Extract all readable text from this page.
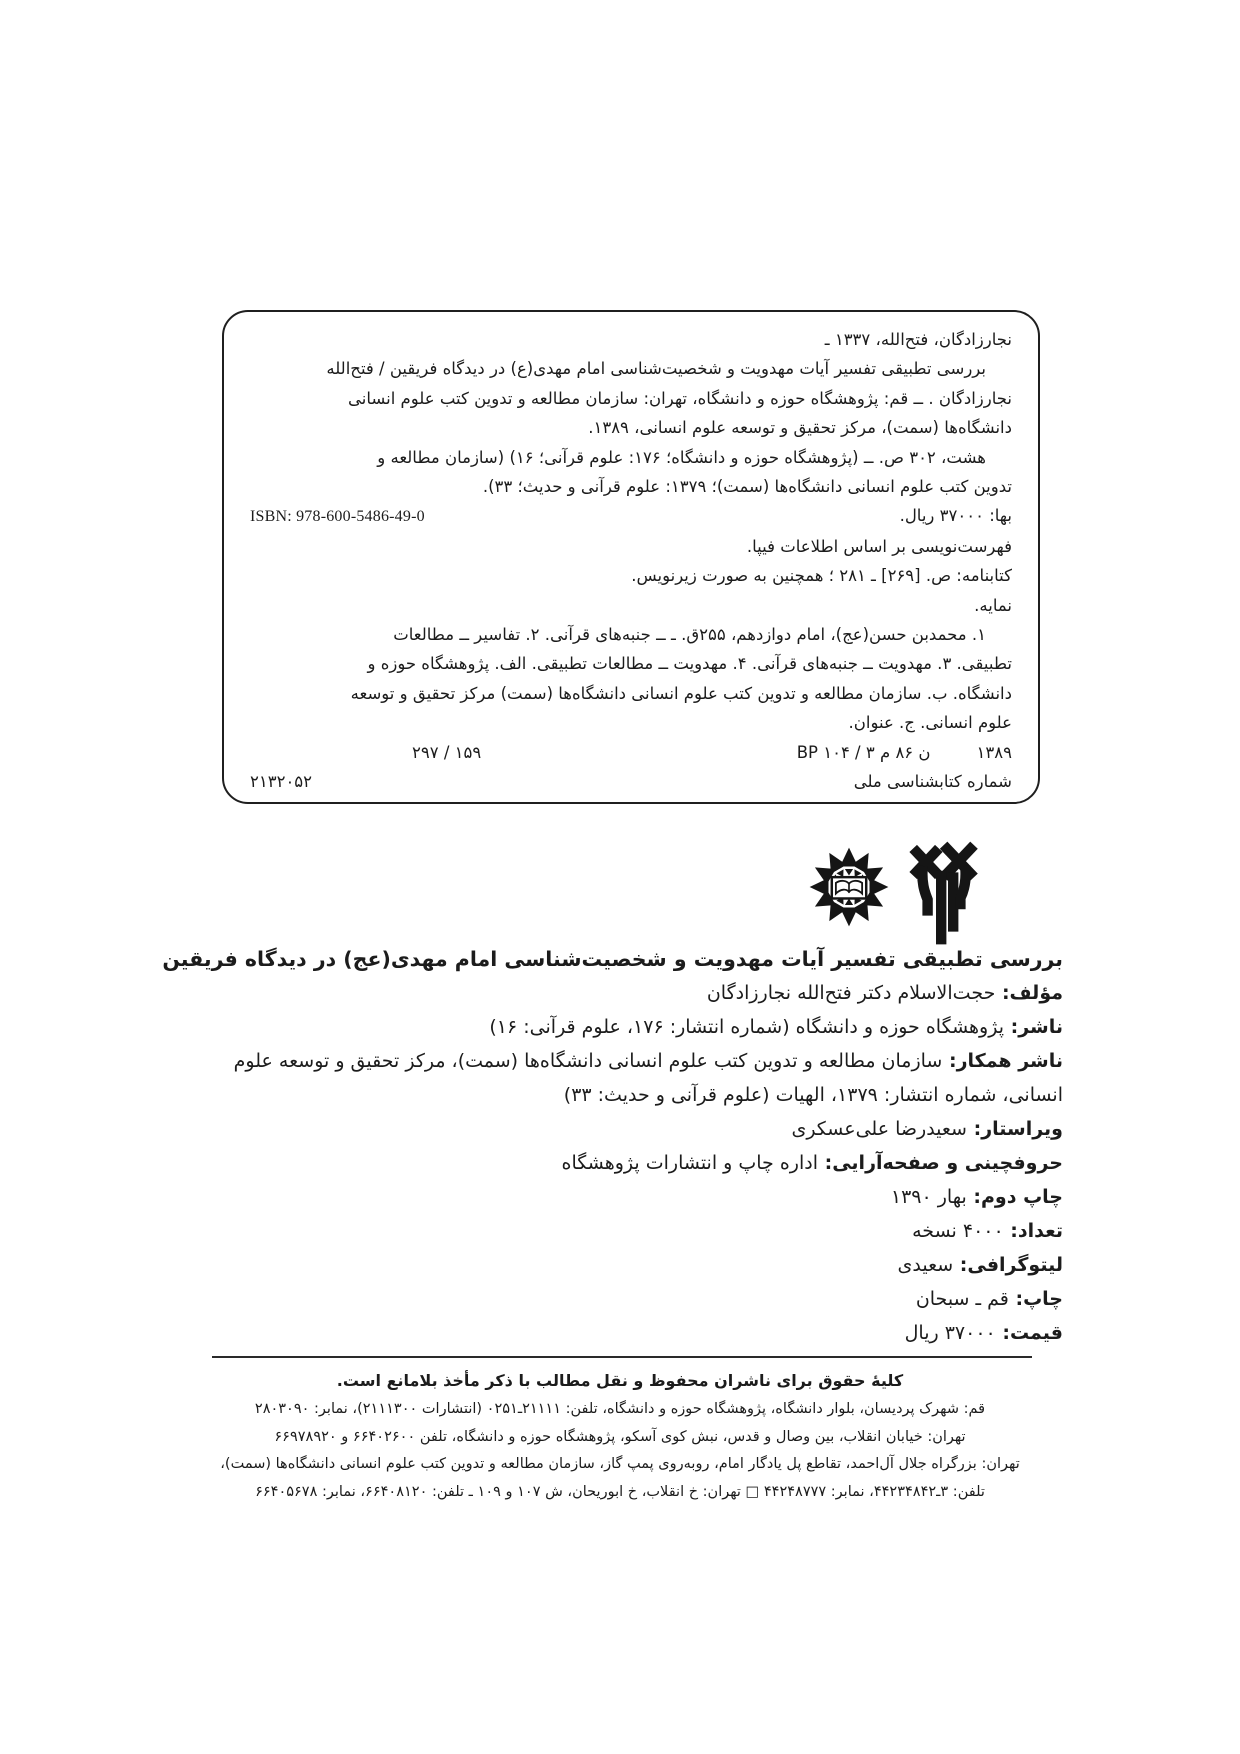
نجارزادگان، فتح‌الله، ۱۳۳۷ ـ
بررسی تطبیقی تفسیر آیات مهدویت و شخصیت‌شناسی امام مهدی(ع) در دیدگاه فریقین / فتح‌الله
نجارزادگان . ــ قم: پژوهشگاه حوزه و دانشگاه، تهران: سازمان مطالعه و تدوین کتب علوم انسانی
دانشگاه‌ها (سمت)، مرکز تحقیق و توسعه علوم انسانی، ۱۳۸۹.
هشت، ۳۰۲ ص. ــ (پژوهشگاه حوزه و دانشگاه؛ ۱۷۶: علوم قرآنی؛ ۱۶) (سازمان مطالعه و
تدوین کتب علوم انسانی دانشگاه‌ها (سمت)؛ ۱۳۷۹: علوم قرآنی و حدیث؛ ۳۳).
بها: ۳۷۰۰۰ ریال.
ISBN: 978-600-5486-49-0
فهرست‌نویسی بر اساس اطلاعات فیپا.
کتابنامه: ص. [۲۶۹] ـ ۲۸۱ ؛ همچنین به صورت زیرنویس.
نمایه.
۱. محمدبن حسن(عج)، امام دوازدهم، ۲۵۵ق. ـ ــ جنبه‌های قرآنی. ۲. تفاسیر ــ مطالعات
تطبیقی. ۳. مهدویت ــ جنبه‌های قرآنی. ۴. مهدویت ــ مطالعات تطبیقی. الف. پژوهشگاه حوزه و
دانشگاه. ب. سازمان مطالعه و تدوین کتب علوم انسانی دانشگاه‌ها (سمت) مرکز تحقیق و توسعه
علوم انسانی. ج. عنوان.
۱۳۸۹
BP ۱۰۴ / ۳ ن ۸۶ م
۲۹۷ / ۱۵۹
شماره کتابشناسی ملی
۲۱۳۲۰۵۲
بررسی تطبیقی تفسیر آیات مهدویت و شخصیت‌شناسی امام مهدی(عج) در دیدگاه فریقین
مؤلف: حجت‌الاسلام دکتر فتح‌الله نجارزادگان
ناشر: پژوهشگاه حوزه و دانشگاه (شماره انتشار: ۱۷۶، علوم قرآنی: ۱۶)
ناشر همکار: سازمان مطالعه و تدوین کتب علوم انسانی دانشگاه‌ها (سمت)، مرکز تحقیق و توسعه علوم
انسانی، شماره انتشار: ۱۳۷۹، الهیات (علوم قرآنی و حدیث: ۳۳)
ویراستار: سعیدرضا علی‌عسکری
حروفچینی و صفحه‌آرایی: اداره چاپ و انتشارات پژوهشگاه
چاپ دوم: بهار ۱۳۹۰
تعداد: ۴۰۰۰ نسخه
لیتوگرافی: سعیدی
چاپ: قم ـ سبحان
قیمت: ۳۷۰۰۰ ریال
کلیهٔ حقوق برای ناشران محفوظ و نقل مطالب با ذکر مأخذ بلامانع است.
قم: شهرک پردیسان، بلوار دانشگاه، پژوهشگاه حوزه و دانشگاه، تلفن: ۲۱۱۱۱ـ۰۲۵۱ (انتشارات ۲۱۱۱۳۰۰)، نمابر: ۲۸۰۳۰۹۰
تهران: خیابان انقلاب، بین وصال و قدس، نبش کوی آسکو، پژوهشگاه حوزه و دانشگاه، تلفن ۶۶۴۰۲۶۰۰ و ۶۶۹۷۸۹۲۰
تهران: بزرگراه جلال آل‌احمد، تقاطع پل یادگار امام، روبه‌روی پمپ گاز، سازمان مطالعه و تدوین کتب علوم انسانی دانشگاه‌ها (سمت)،
تلفن: ۳ـ۴۴۲۳۴۸۴۲، نمابر: ۴۴۲۴۸۷۷۷ □ تهران: خ انقلاب، خ ابوریحان، ش ۱۰۷ و ۱۰۹ ـ تلفن: ۶۶۴۰۸۱۲۰، نمابر: ۶۶۴۰۵۶۷۸
